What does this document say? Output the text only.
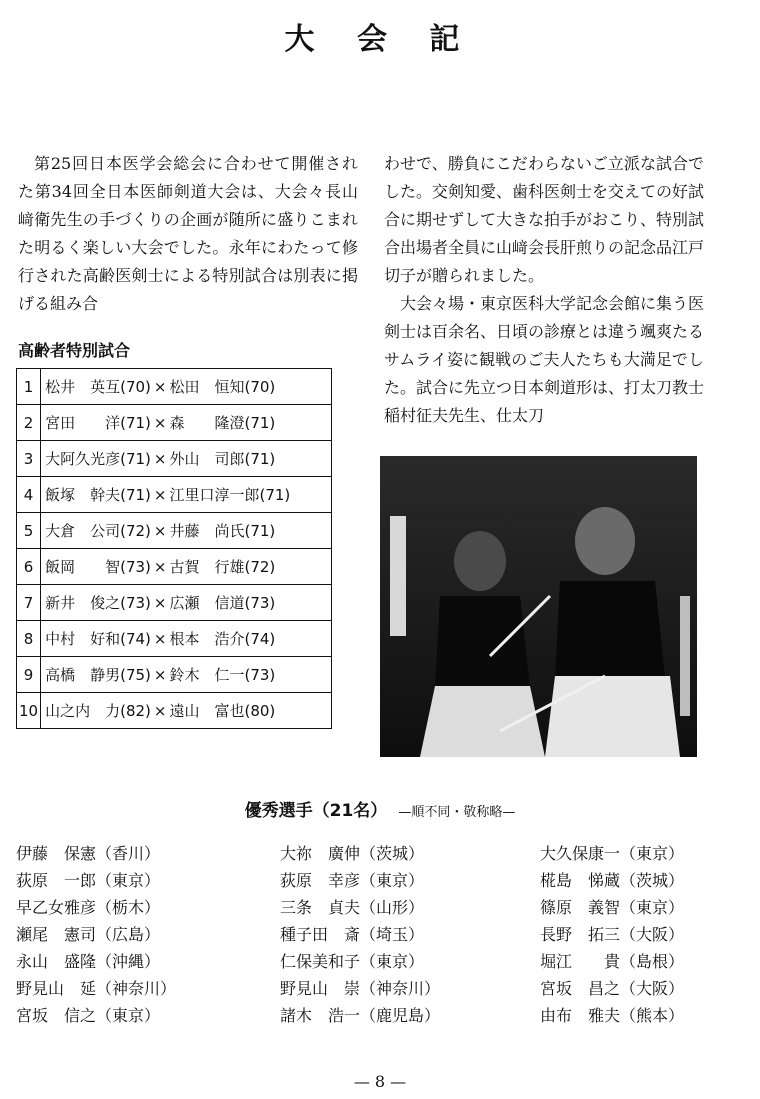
大 会 記

第25回日本医学会総会に合わせて開催された第34回全日本医師剣道大会は、大会々長山﨑衛先生の手づくりの企画が随所に盛りこまれた明るく楽しい大会でした。永年にわたって修行された高齢医剣士による特別試合は別表に掲げる組み合

わせで、勝負にこだわらないご立派な試合でした。交剣知愛、歯科医剣士を交えての好試合に期せずして大きな拍手がおこり、特別試合出場者全員に山﨑会長肝煎りの記念品江戸切子が贈られました。

大会々場・東京医科大学記念会館に集う医剣士は百余名、日頃の診療とは違う颯爽たるサムライ姿に観戦のご夫人たちも大満足でした。試合に先立つ日本剣道形は、打太刀教士稲村征夫先生、仕太刀

高齢者特別試合
1	松井　英互(70) × 松田　恒知(70)
2	宮田　　洋(71) × 森　　隆澄(71)
3	大阿久光彦(71) × 外山　司郎(71)
4	飯塚　幹夫(71) × 江里口淳一郎(71)
5	大倉　公司(72) × 井藤　尚氏(71)
6	飯岡　　智(73) × 古賀　行雄(72)
7	新井　俊之(73) × 広瀬　信道(73)
8	中村　好和(74) × 根本　浩介(74)
9	高橋　静男(75) × 鈴木　仁一(73)
10	山之内　力(82) × 遠山　富也(80)
優秀選手（21名） —順不同・敬称略—
伊藤　保憲（香川）
荻原　一郎（東京）
早乙女雅彦（栃木）
瀬尾　憲司（広島）
永山　盛隆（沖縄）
野見山　延（神奈川）
宮坂　信之（東京）
大祢　廣伸（茨城）
荻原　幸彦（東京）
三条　貞夫（山形）
種子田　斎（埼玉）
仁保美和子（東京）
野見山　崇（神奈川）
諸木　浩一（鹿児島）
大久保康一（東京）
椛島　悌蔵（茨城）
篠原　義智（東京）
長野　拓三（大阪）
堀江　　貴（島根）
宮坂　昌之（大阪）
由布　雅夫（熊本）
— 8 —
